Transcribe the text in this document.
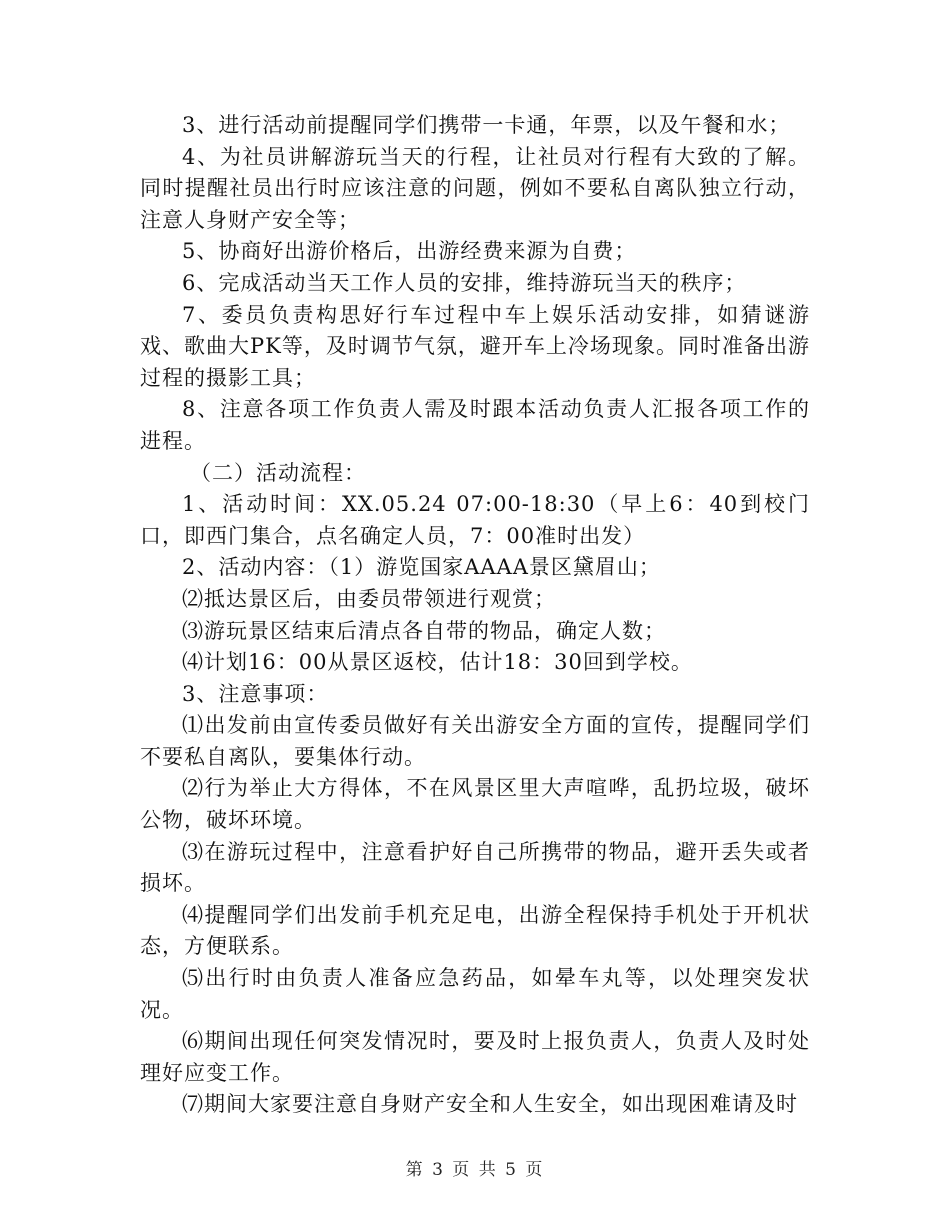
3、进行活动前提醒同学们携带一卡通，年票，以及午餐和水；

4、为社员讲解游玩当天的行程，让社员对行程有大致的了解。同时提醒社员出行时应该注意的问题，例如不要私自离队独立行动，注意人身财产安全等；

5、协商好出游价格后，出游经费来源为自费；

6、完成活动当天工作人员的安排，维持游玩当天的秩序；

7、委员负责构思好行车过程中车上娱乐活动安排，如猜谜游戏、歌曲大PK等，及时调节气氛，避开车上冷场现象。同时准备出游过程的摄影工具；

8、注意各项工作负责人需及时跟本活动负责人汇报各项工作的进程。

（二）活动流程：

1、活动时间：XX.05.24 07:00-18:30（早上6：40到校门口，即西门集合，点名确定人员，7：00准时出发）

2、活动内容：（1）游览国家AAAA景区黛眉山；

⑵抵达景区后，由委员带领进行观赏；

⑶游玩景区结束后清点各自带的物品，确定人数；

⑷计划16：00从景区返校，估计18：30回到学校。

3、注意事项：

⑴出发前由宣传委员做好有关出游安全方面的宣传，提醒同学们不要私自离队，要集体行动。

⑵行为举止大方得体，不在风景区里大声喧哗，乱扔垃圾，破坏公物，破坏环境。

⑶在游玩过程中，注意看护好自己所携带的物品，避开丢失或者损坏。

⑷提醒同学们出发前手机充足电，出游全程保持手机处于开机状态，方便联系。

⑸出行时由负责人准备应急药品，如晕车丸等，以处理突发状况。

⑹期间出现任何突发情况时，要及时上报负责人，负责人及时处理好应变工作。

⑺期间大家要注意自身财产安全和人生安全，如出现困难请及时

第 3 页 共 5 页
